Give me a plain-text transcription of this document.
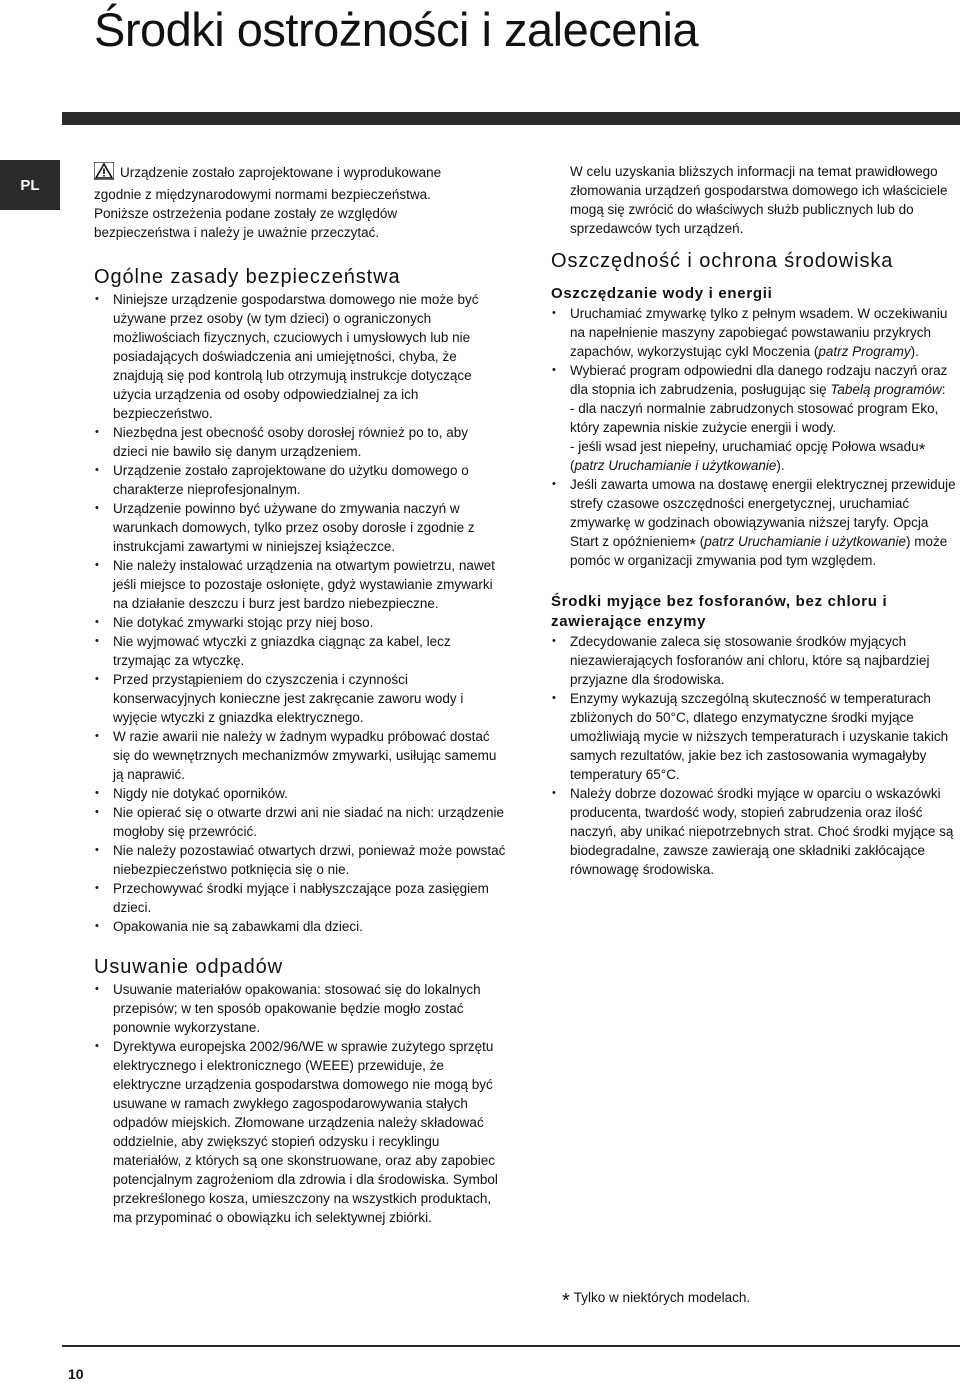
Środki ostrożności i zalecenia
PL

Urządzenie zostało zaprojektowane i wyprodukowane
zgodnie z międzynarodowymi normami bezpieczeństwa.
Poniższe ostrzeżenia podane zostały ze względów
bezpieczeństwa i należy je uważnie przeczytać.

Ogólne zasady bezpieczeństwa
• Niniejsze urządzenie gospodarstwa domowego nie może być używane przez osoby (w tym dzieci) o ograniczonych możliwościach fizycznych, czuciowych i umysłowych lub nie posiadających doświadczenia ani umiejętności, chyba, że znajdują się pod kontrolą lub otrzymują instrukcje dotyczące użycia urządzenia od osoby odpowiedzialnej za ich bezpieczeństwo.
• Niezbędna jest obecność osoby dorosłej również po to, aby dzieci nie bawiło się danym urządzeniem.
• Urządzenie zostało zaprojektowane do użytku domowego o charakterze nieprofesjonalnym.
• Urządzenie powinno być używane do zmywania naczyń w warunkach domowych, tylko przez osoby dorosłe i zgodnie z instrukcjami zawartymi w niniejszej książeczce.
• Nie należy instalować urządzenia na otwartym powietrzu, nawet jeśli miejsce to pozostaje osłonięte, gdyż wystawianie zmywarki na działanie deszczu i burz jest bardzo niebezpieczne.
• Nie dotykać zmywarki stojąc przy niej boso.
• Nie wyjmować wtyczki z gniazdka ciągnąc za kabel, lecz trzymając za wtyczkę.
• Przed przystąpieniem do czyszczenia i czynności konserwacyjnych konieczne jest zakręcanie zaworu wody i wyjęcie wtyczki z gniazdka elektrycznego.
• W razie awarii nie należy w żadnym wypadku próbować dostać się do wewnętrznych mechanizmów zmywarki, usiłując samemu ją naprawić.
• Nigdy nie dotykać oporników.
• Nie opierać się o otwarte drzwi ani nie siadać na nich: urządzenie mogłoby się przewrócić.
• Nie należy pozostawiać otwartych drzwi, ponieważ może powstać niebezpieczeństwo potknięcia się o nie.
• Przechowywać środki myjące i nabłyszczające poza zasięgiem dzieci.
• Opakowania nie są zabawkami dla dzieci.
Usuwanie odpadów
• Usuwanie materiałów opakowania: stosować się do lokalnych przepisów; w ten sposób opakowanie będzie mogło zostać ponownie wykorzystane.
• Dyrektywa europejska 2002/96/WE w sprawie zużytego sprzętu elektrycznego i elektronicznego (WEEE) przewiduje, że elektryczne urządzenia gospodarstwa domowego nie mogą być usuwane w ramach zwykłego zagospodarowywania stałych odpadów miejskich. Złomowane urządzenia należy składować oddzielnie, aby zwiększyć stopień odzysku i recyklingu materiałów, z których są one skonstruowane, oraz aby zapobiec potencjalnym zagrożeniom dla zdrowia i dla środowiska. Symbol przekreślonego kosza, umieszczony na wszystkich produktach, ma przypominać o obowiązku ich selektywnej zbiórki.

W celu uzyskania bliższych informacji na temat prawidłowego złomowania urządzeń gospodarstwa domowego ich właściciele mogą się zwrócić do właściwych służb publicznych lub do sprzedawców tych urządzeń.

Oszczędność i ochrona środowiska
Oszczędzanie wody i energii
• Uruchamiać zmywarkę tylko z pełnym wsadem. W oczekiwaniu na napełnienie maszyny zapobiegać powstawaniu przykrych zapachów, wykorzystując cykl Moczenia (patrz Programy).
• Wybierać program odpowiedni dla danego rodzaju naczyń oraz dla stopnia ich zabrudzenia, posługując się Tabelą programów:
- dla naczyń normalnie zabrudzonych stosować program Eko, który zapewnia niskie zużycie energii i wody.
- jeśli wsad jest niepełny, uruchamiać opcję Połowa wsadu*
(patrz Uruchamianie i użytkowanie).
• Jeśli zawarta umowa na dostawę energii elektrycznej przewiduje strefy czasowe oszczędności energetycznej, uruchamiać zmywarkę w godzinach obowiązywania niższej taryfy. Opcja Start z opóźnieniem* (patrz Uruchamianie i użytkowanie) może pomóc w organizacji zmywania pod tym względem.
Środki myjące bez fosforanów, bez chloru i zawierające enzymy
• Zdecydowanie zaleca się stosowanie środków myjących niezawierających fosforanów ani chloru, które są najbardziej przyjazne dla środowiska.
• Enzymy wykazują szczególną skuteczność w temperaturach zbliżonych do 50°C, dlatego enzymatyczne środki myjące umożliwiają mycie w niższych temperaturach i uzyskanie takich samych rezultatów, jakie bez ich zastosowania wymagałyby temperatury 65°C.
• Należy dobrze dozować środki myjące w oparciu o wskazówki producenta, twardość wody, stopień zabrudzenia oraz ilość naczyń, aby unikać niepotrzebnych strat. Choć środki myjące są biodegradalne, zawsze zawierają one składniki zakłócające równowagę środowiska.
* Tylko w niektórych modelach.
10
